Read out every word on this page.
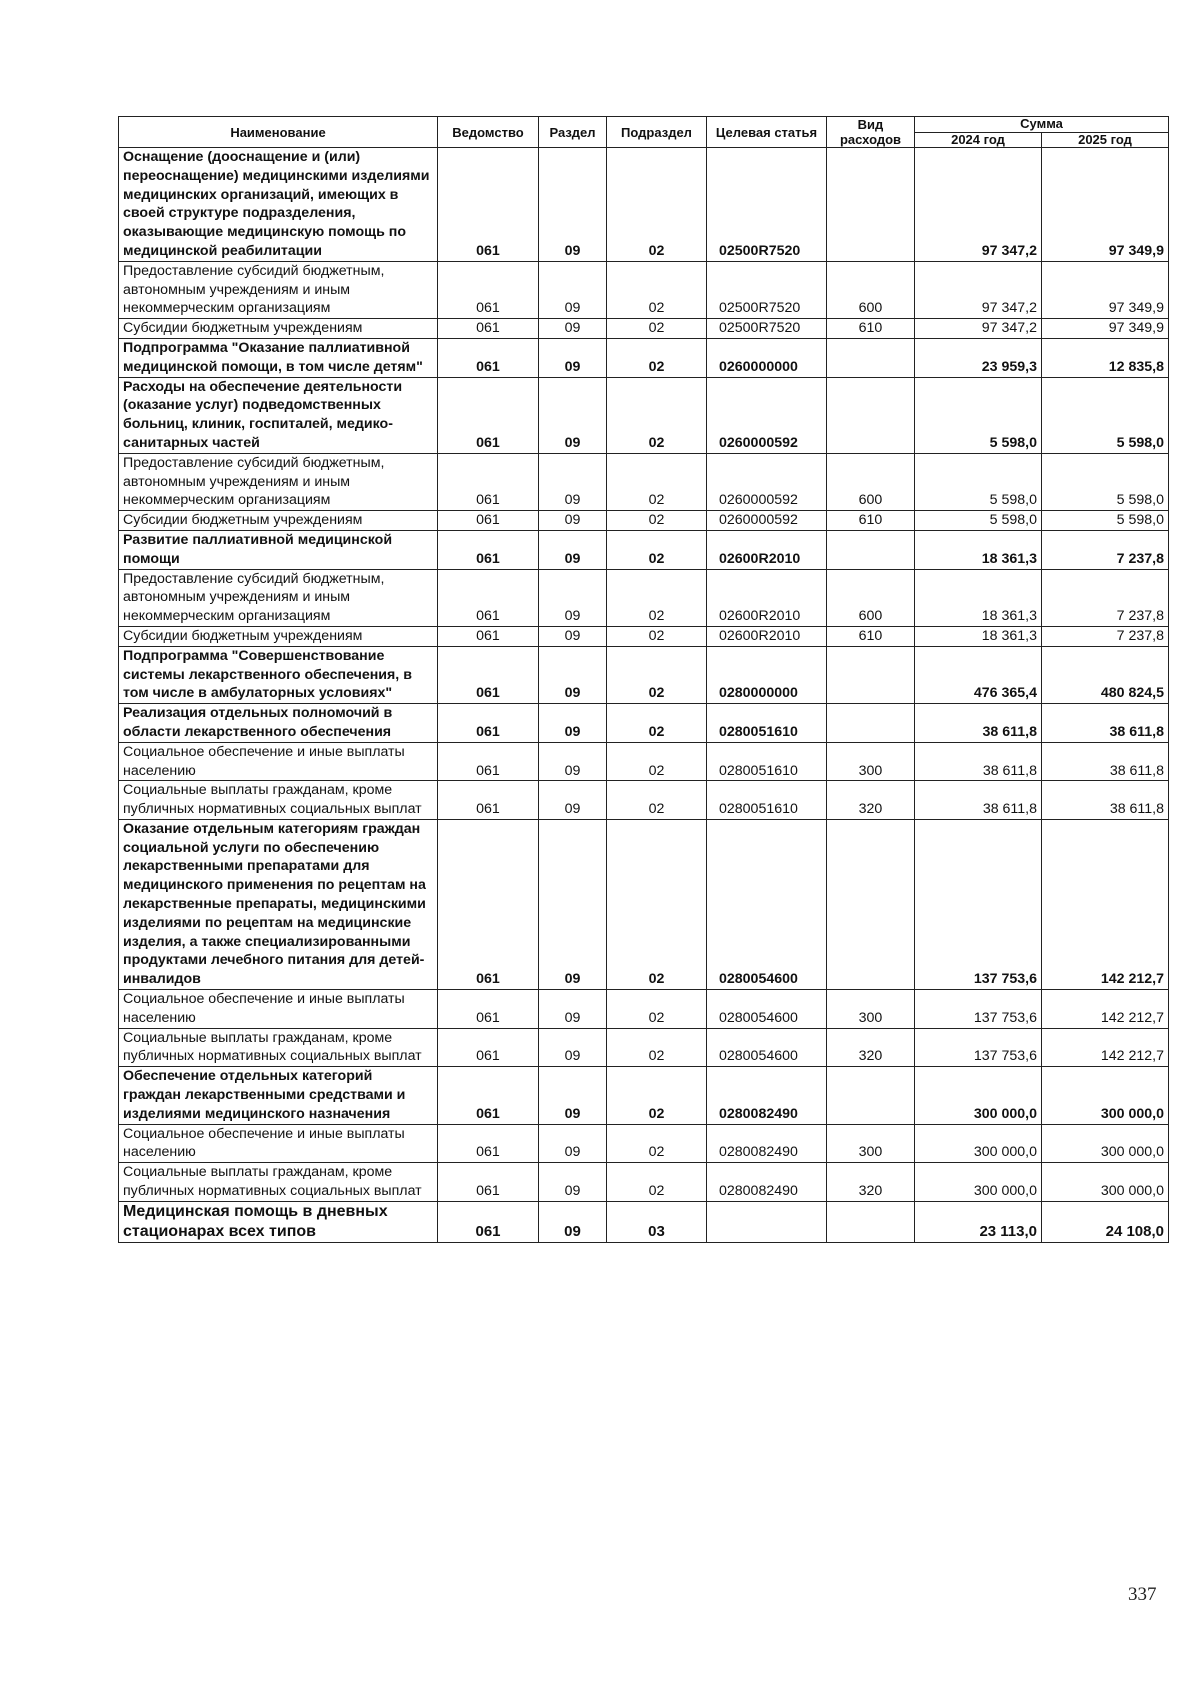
Наименование	Ведомство	Раздел	Подраздел	Целевая статья	Вид расходов	Сумма	
						2024 год	2025 год
Оснащение (дооснащение и (или) переоснащение) медицинскими изделиями медицинских организаций, имеющих в своей структуре подразделения, оказывающие медицинскую помощь по медицинской реабилитации	061	09	02	02500R7520		97 347,2	97 349,9
Предоставление субсидий бюджетным, автономным учреждениям и иным некоммерческим организациям	061	09	02	02500R7520	600	97 347,2	97 349,9
Субсидии бюджетным учреждениям	061	09	02	02500R7520	610	97 347,2	97 349,9
Подпрограмма "Оказание паллиативной медицинской помощи, в том числе детям"	061	09	02	0260000000		23 959,3	12 835,8
Расходы на обеспечение деятельности (оказание услуг) подведомственных больниц, клиник, госпиталей, медико-санитарных частей	061	09	02	0260000592		5 598,0	5 598,0
Предоставление субсидий бюджетным, автономным учреждениям и иным некоммерческим организациям	061	09	02	0260000592	600	5 598,0	5 598,0
Субсидии бюджетным учреждениям	061	09	02	0260000592	610	5 598,0	5 598,0
Развитие паллиативной медицинской помощи	061	09	02	02600R2010		18 361,3	7 237,8
Предоставление субсидий бюджетным, автономным учреждениям и иным некоммерческим организациям	061	09	02	02600R2010	600	18 361,3	7 237,8
Субсидии бюджетным учреждениям	061	09	02	02600R2010	610	18 361,3	7 237,8
Подпрограмма "Совершенствование системы лекарственного обеспечения, в том числе в амбулаторных условиях"	061	09	02	0280000000		476 365,4	480 824,5
Реализация отдельных полномочий в области лекарственного обеспечения	061	09	02	0280051610		38 611,8	38 611,8
Социальное обеспечение и иные выплаты населению	061	09	02	0280051610	300	38 611,8	38 611,8
Социальные выплаты гражданам, кроме публичных нормативных социальных выплат	061	09	02	0280051610	320	38 611,8	38 611,8
Оказание отдельным категориям граждан социальной услуги по обеспечению лекарственными препаратами для медицинского применения по рецептам на лекарственные препараты, медицинскими изделиями по рецептам на медицинские изделия, а также специализированными продуктами лечебного питания для детей-инвалидов	061	09	02	0280054600		137 753,6	142 212,7
Социальное обеспечение и иные выплаты населению	061	09	02	0280054600	300	137 753,6	142 212,7
Социальные выплаты гражданам, кроме публичных нормативных социальных выплат	061	09	02	0280054600	320	137 753,6	142 212,7
Обеспечение отдельных категорий граждан лекарственными средствами и изделиями медицинского назначения	061	09	02	0280082490		300 000,0	300 000,0
Социальное обеспечение и иные выплаты населению	061	09	02	0280082490	300	300 000,0	300 000,0
Социальные выплаты гражданам, кроме публичных нормативных социальных выплат	061	09	02	0280082490	320	300 000,0	300 000,0
Медицинская помощь в дневных стационарах всех типов	061	09	03			23 113,0	24 108,0
337
